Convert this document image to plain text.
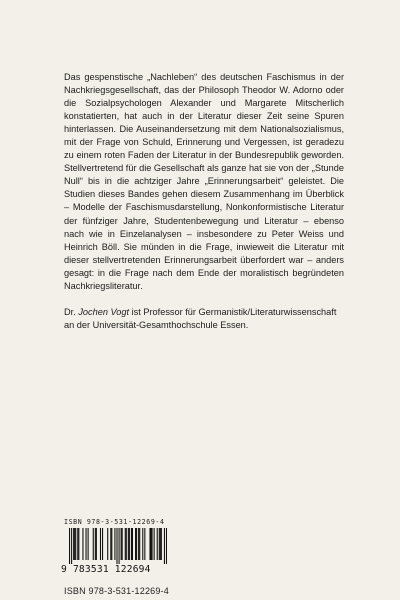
Das gespenstische „Nachleben“ des deutschen Faschismus in der Nachkriegsgesellschaft, das der Philosoph Theodor W. Adorno oder die Sozialpsychologen Alexander und Margarete Mitscherlich konstatierten, hat auch in der Literatur dieser Zeit seine Spuren hinterlassen. Die Auseinandersetzung mit dem Nationalsozialismus, mit der Frage von Schuld, Erinnerung und Vergessen, ist geradezu zu einem roten Faden der Literatur in der Bundesrepublik geworden. Stellvertretend für die Gesellschaft als ganze hat sie von der „Stunde Null“ bis in die achtziger Jahre „Erinnerungsarbeit“ geleistet. Die Studien dieses Bandes gehen diesem Zusammenhang im Überblick – Modelle der Faschismusdarstellung, Nonkonformistische Literatur der fünfziger Jahre, Studentenbewegung und Literatur – ebenso nach wie in Einzelanalysen – insbesondere zu Peter Weiss und Heinrich Böll. Sie münden in die Frage, inwieweit die Literatur mit dieser stellvertretenden Erinnerungsarbeit überfordert war – anders gesagt: in die Frage nach dem Ende der moralistisch begründeten Nachkriegsliteratur.

Dr. Jochen Vogt ist Professor für Germanistik/Literaturwissenschaft an der Universität-Gesamthochschule Essen.

ISBN 978-3-531-12269-4
9 783531 122694
ISBN 978-3-531-12269-4
